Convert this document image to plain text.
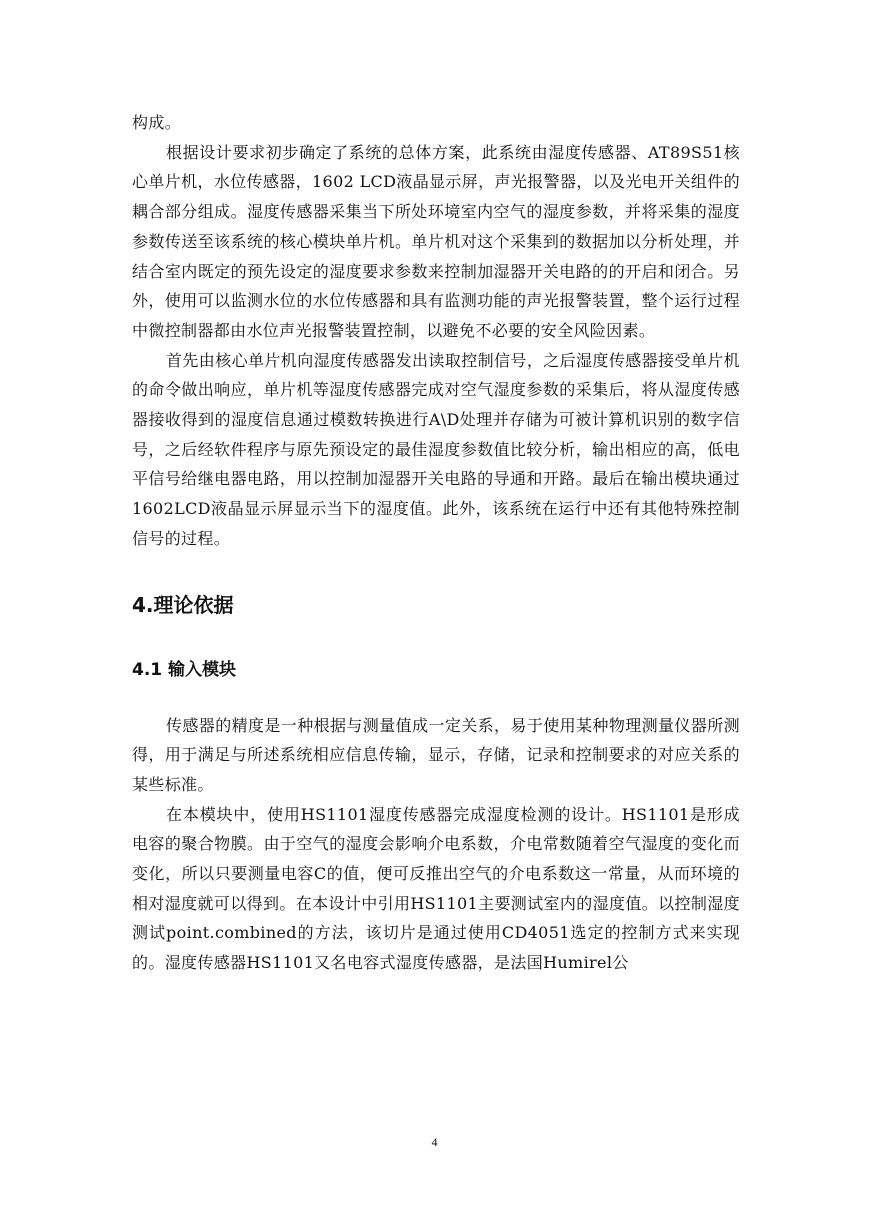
构成。

根据设计要求初步确定了系统的总体方案，此系统由湿度传感器、AT89S51核心单片机，水位传感器，1602 LCD液晶显示屏，声光报警器，以及光电开关组件的耦合部分组成。湿度传感器采集当下所处环境室内空气的湿度参数，并将采集的湿度参数传送至该系统的核心模块单片机。单片机对这个采集到的数据加以分析处理，并结合室内既定的预先设定的湿度要求参数来控制加湿器开关电路的的开启和闭合。另外，使用可以监测水位的水位传感器和具有监测功能的声光报警装置，整个运行过程中微控制器都由水位声光报警装置控制，以避免不必要的安全风险因素。

首先由核心单片机向湿度传感器发出读取控制信号，之后湿度传感器接受单片机的命令做出响应，单片机等湿度传感器完成对空气湿度参数的采集后，将从湿度传感器接收得到的湿度信息通过模数转换进行A\D处理并存储为可被计算机识别的数字信号，之后经软件程序与原先预设定的最佳湿度参数值比较分析，输出相应的高，低电平信号给继电器电路，用以控制加湿器开关电路的导通和开路。最后在输出模块通过1602LCD液晶显示屏显示当下的湿度值。此外，该系统在运行中还有其他特殊控制信号的过程。

4.理论依据
4.1 输入模块

传感器的精度是一种根据与测量值成一定关系，易于使用某种物理测量仪器所测得，用于满足与所述系统相应信息传输，显示，存储，记录和控制要求的对应关系的某些标准。

在本模块中，使用HS1101湿度传感器完成湿度检测的设计。HS1101是形成电容的聚合物膜。由于空气的湿度会影响介电系数，介电常数随着空气湿度的变化而变化，所以只要测量电容C的值，便可反推出空气的介电系数这一常量，从而环境的相对湿度就可以得到。在本设计中引用HS1101主要测试室内的湿度值。以控制湿度测试point.combined的方法，该切片是通过使用CD4051选定的控制方式来实现的。湿度传感器HS1101又名电容式湿度传感器，是法国Humirel公

4
